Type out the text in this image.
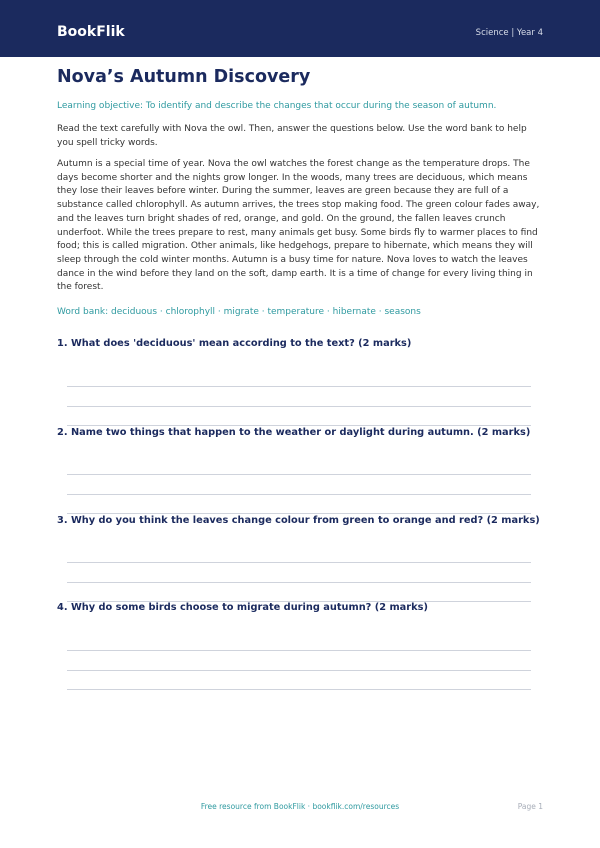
BookFlik	Science | Year 4
Nova’s Autumn Discovery

Learning objective: To identify and describe the changes that occur during the season of autumn.

Read the text carefully with Nova the owl. Then, answer the questions below. Use the word bank to help you spell tricky words.

Autumn is a special time of year. Nova the owl watches the forest change as the temperature drops. The days become shorter and the nights grow longer. In the woods, many trees are deciduous, which means they lose their leaves before winter. During the summer, leaves are green because they are full of a substance called chlorophyll. As autumn arrives, the trees stop making food. The green colour fades away, and the leaves turn bright shades of red, orange, and gold. On the ground, the fallen leaves crunch underfoot. While the trees prepare to rest, many animals get busy. Some birds fly to warmer places to find food; this is called migration. Other animals, like hedgehogs, prepare to hibernate, which means they will sleep through the cold winter months. Autumn is a busy time for nature. Nova loves to watch the leaves dance in the wind before they land on the soft, damp earth. It is a time of change for every living thing in the forest.

Word bank: deciduous · chlorophyll · migrate · temperature · hibernate · seasons

1. What does 'deciduous' mean according to the text? (2 marks)

2. Name two things that happen to the weather or daylight during autumn. (2 marks)

3. Why do you think the leaves change colour from green to orange and red? (2 marks)

4. Why do some birds choose to migrate during autumn? (2 marks)

Free resource from BookFlik · bookflik.com/resources	Page 1
